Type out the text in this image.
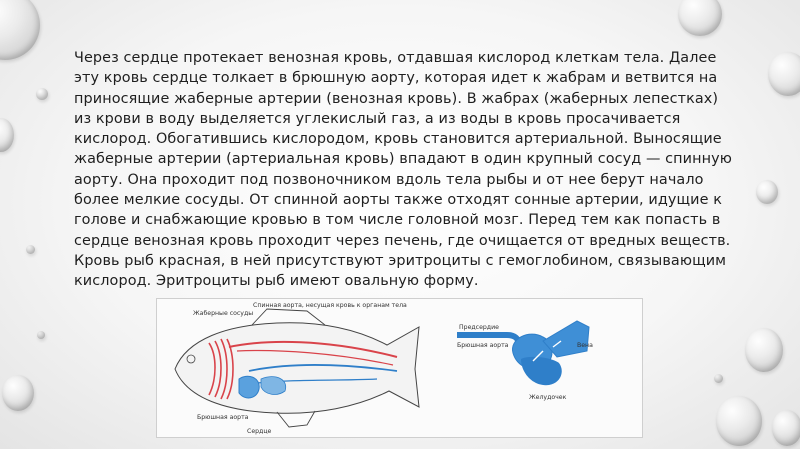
Через сердце протекает венозная кровь, отдавшая кислород клеткам тела. Далее эту кровь сердце толкает в брюшную аорту, которая идет к жабрам и ветвится на приносящие жаберные артерии (венозная кровь). В жабрах (жаберных лепестках) из крови в воду выделяется углекислый газ, а из воды в кровь просачивается кислород. Обогатившись кислородом, кровь становится артериальной. Выносящие жаберные артерии (артериальная кровь) впадают в один крупный сосуд — спинную аорту. Она проходит под позвоночником вдоль тела рыбы и от нее берут начало более мелкие сосуды. От спинной аорты также отходят сонные артерии, идущие к голове и снабжающие кровью в том числе головной мозг. Перед тем как попасть в сердце венозная кровь проходит через печень, где очищается от вредных веществ.

Кровь рыб красная, в ней присутствуют эритроциты с гемоглобином, связывающим кислород. Эритроциты рыб имеют овальную форму.

Жаберные сосуды
Спинная аорта, несущая кровь к органам тела
Брюшная аорта
Сердце
Предсердие
Брюшная аорта	Вена
Желудочек
